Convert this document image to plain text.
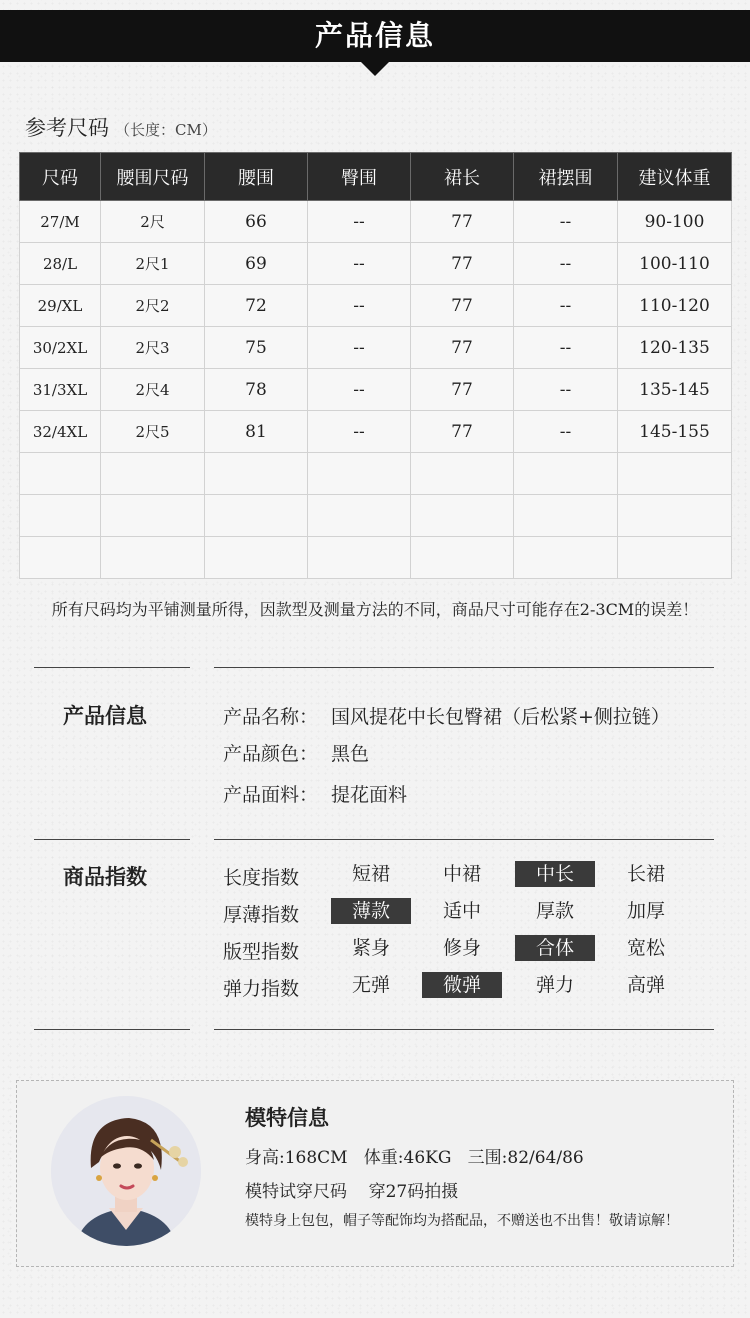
产品信息
参考尺码 （长度：CM）
尺码	腰围尺码	腰围	臀围	裙长	裙摆围	建议体重
27/M	2尺	66	--	77	--	90-100
28/L	2尺1	69	--	77	--	100-110
29/XL	2尺2	72	--	77	--	110-120
30/2XL	2尺3	75	--	77	--	120-135
31/3XL	2尺4	78	--	77	--	135-145
32/4XL	2尺5	81	--	77	--	145-155

所有尺码均为平铺测量所得，因款型及测量方法的不同，商品尺寸可能存在2-3CM的误差！
产品信息	产品名称： 国风提花中长包臀裙（后松紧+侧拉链）
产品颜色： 黑色
产品面料： 提花面料
商品指数	长度指数	短裙	中裙	中长	长裙
厚薄指数	薄款	适中	厚款	加厚
版型指数	紧身	修身	合体	宽松
弹力指数	无弹	微弹	弹力	高弹
模特信息
身高:168CM   体重:46KG   三围:82/64/86
模特试穿尺码    穿27码拍摄
模特身上包包，帽子等配饰均为搭配品，不赠送也不出售！敬请谅解！
